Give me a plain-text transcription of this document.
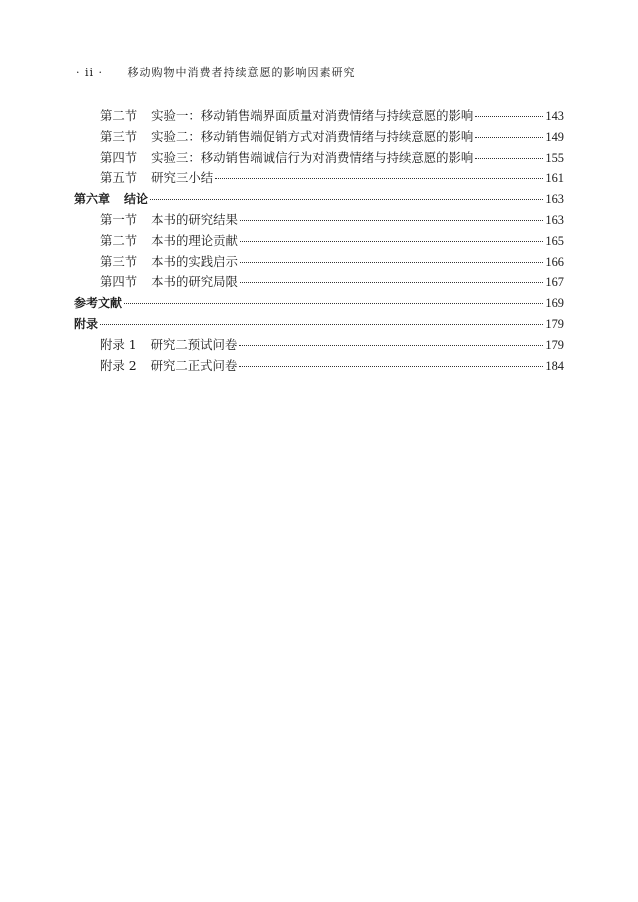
· ii · 移动购物中消费者持续意愿的影响因素研究
第二节 实验一：移动销售端界面质量对消费情绪与持续意愿的影响	143
第三节 实验二：移动销售端促销方式对消费情绪与持续意愿的影响	149
第四节 实验三：移动销售端诚信行为对消费情绪与持续意愿的影响	155
第五节 研究三小结	161
第六章 结论	163
第一节 本书的研究结果	163
第二节 本书的理论贡献	165
第三节 本书的实践启示	166
第四节 本书的研究局限	167
参考文献	169
附录	179
附录 1 研究二预试问卷	179
附录 2 研究二正式问卷	184
